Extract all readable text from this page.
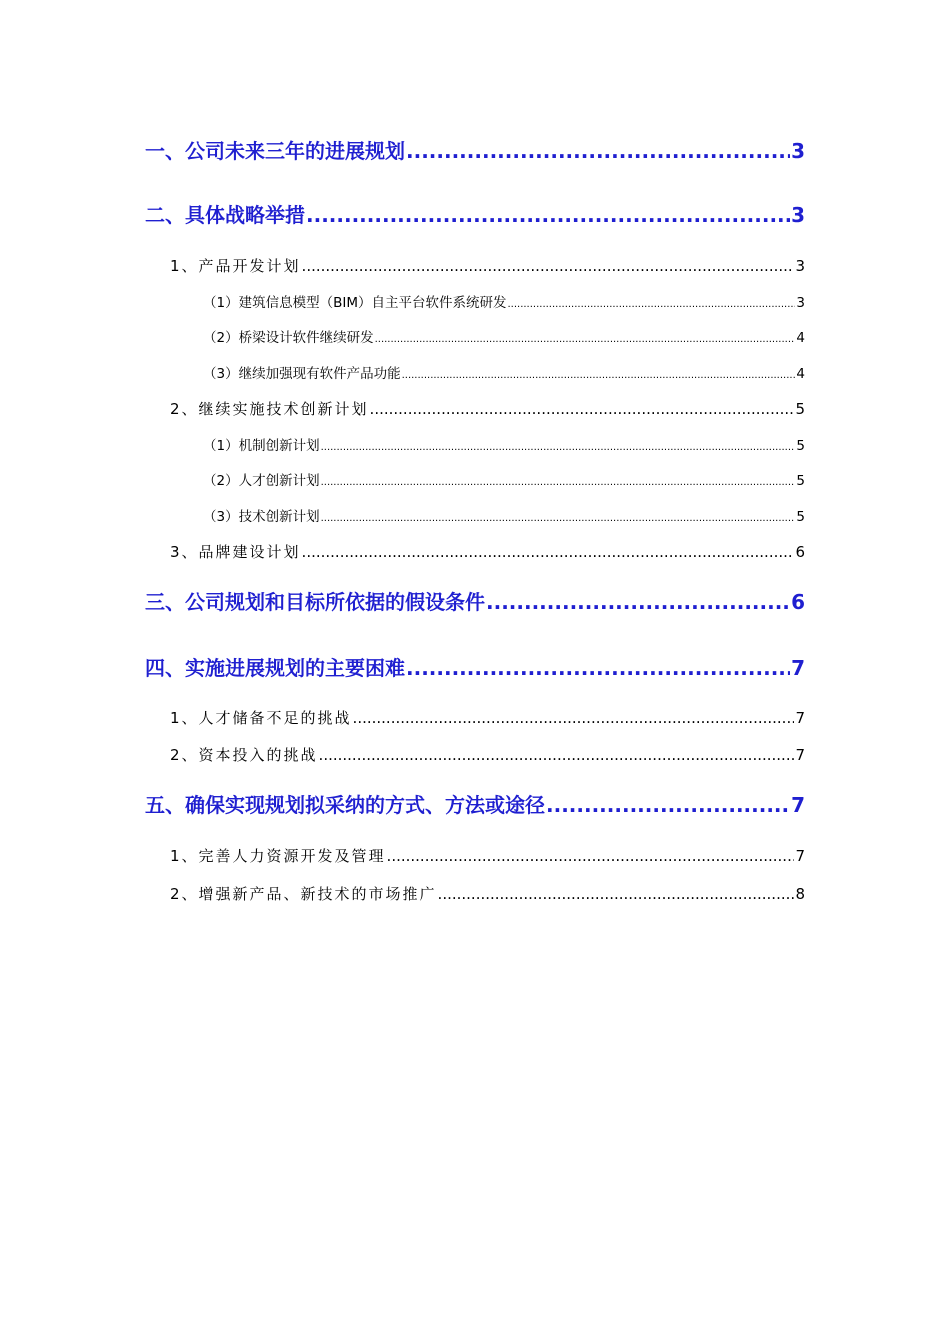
一、公司未来三年的进展规划 .....	3
二、具体战略举措 .....	3
1、产品开发计划 .....	3
（1）建筑信息模型（BIM）自主平台软件系统研发 .....	3
（2）桥梁设计软件继续研发 .....	4
（3）继续加强现有软件产品功能 .....	4
2、继续实施技术创新计划 .....	5
（1）机制创新计划 .....	5
（2）人才创新计划 .....	5
（3）技术创新计划 .....	5
3、品牌建设计划 .....	6
三、公司规划和目标所依据的假设条件 .....	6
四、实施进展规划的主要困难 .....	7
1、人才储备不足的挑战 .....	7
2、资本投入的挑战 .....	7
五、确保实现规划拟采纳的方式、方法或途径 .....	7
1、完善人力资源开发及管理 .....	7
2、增强新产品、新技术的市场推广 .....	8
